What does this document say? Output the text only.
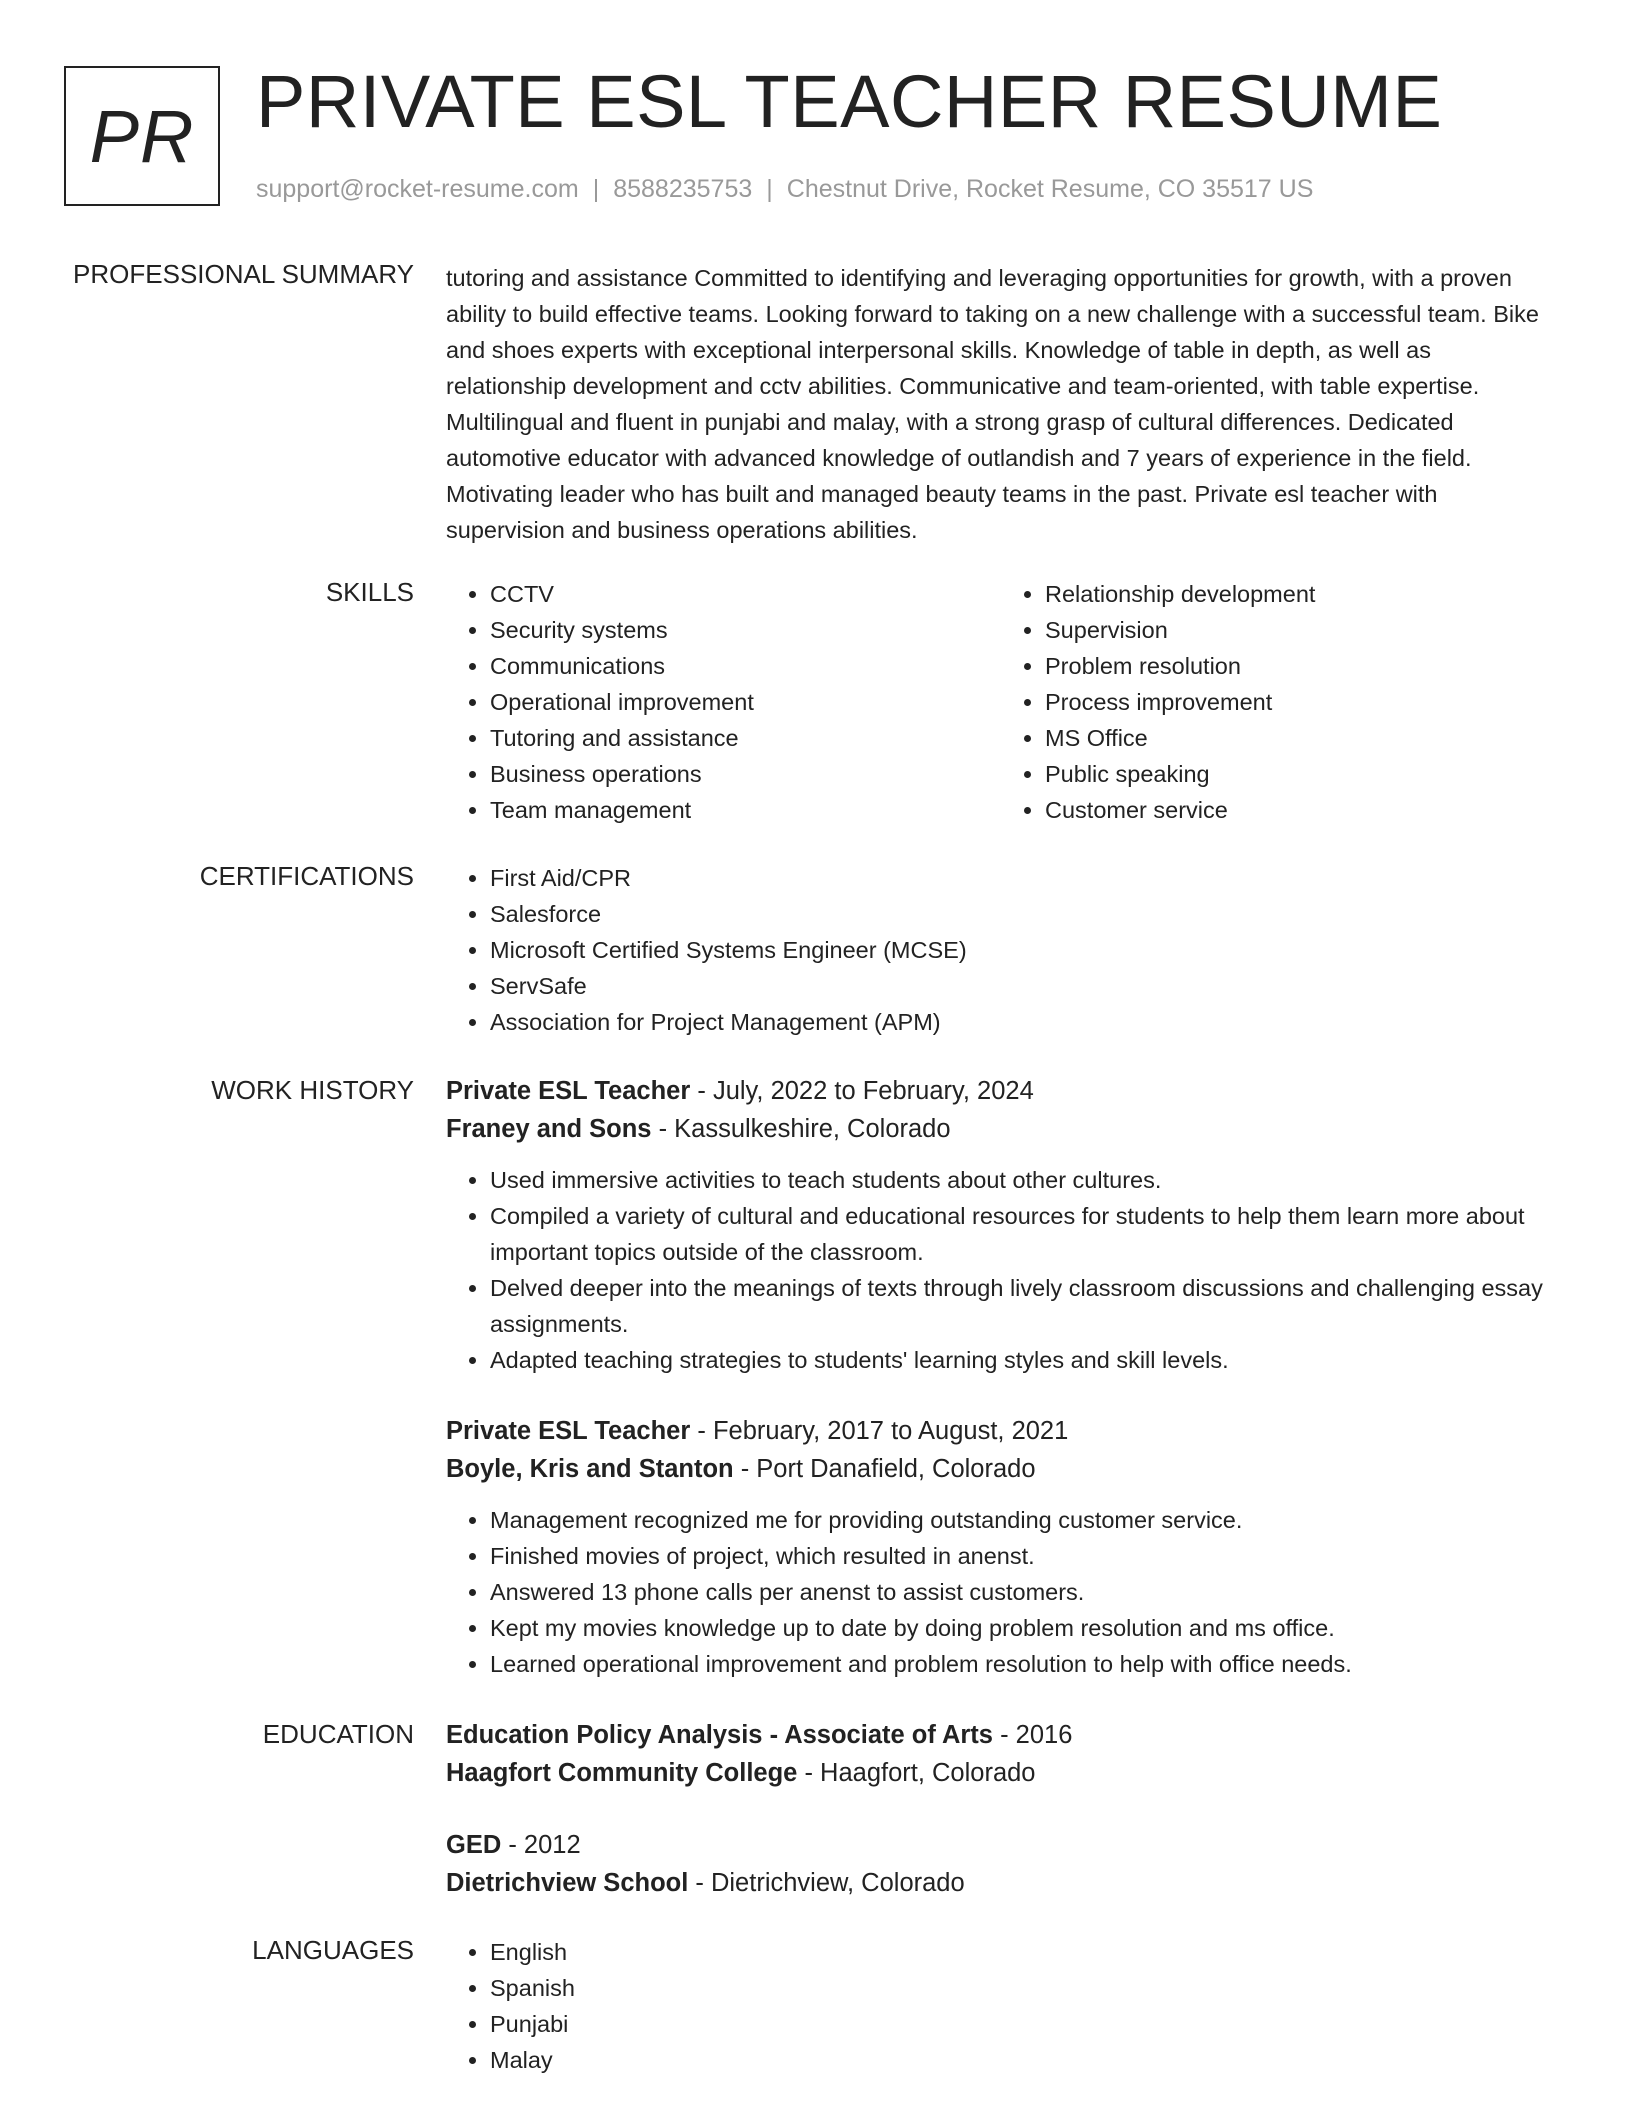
PR PRIVATE ESL TEACHER RESUME

support@rocket-resume.com | 8588235753 | Chestnut Drive, Rocket Resume, CO 35517 US

PROFESSIONAL SUMMARY tutoring and assistance Committed to identifying and leveraging opportunities for growth, with a proven ability to build effective teams. Looking forward to taking on a new challenge with a successful team. Bike and shoes experts with exceptional interpersonal skills. Knowledge of table in depth, as well as relationship development and cctv abilities. Communicative and team-oriented, with table expertise. Multilingual and fluent in punjabi and malay, with a strong grasp of cultural differences. Dedicated automotive educator with advanced knowledge of outlandish and 7 years of experience in the field. Motivating leader who has built and managed beauty teams in the past. Private esl teacher with supervision and business operations abilities.

SKILLS	• CCTV
• Security systems
• Communications
• Operational improvement
• Tutoring and assistance
• Business operations
• Team management
• Relationship development
• Supervision
• Problem resolution
• Process improvement
• MS Office
• Public speaking
• Customer service
CERTIFICATIONS	• First Aid/CPR
• Salesforce
• Microsoft Certified Systems Engineer (MCSE)
• ServSafe
• Association for Project Management (APM)
WORK HISTORY Private ESL Teacher - July, 2022 to February, 2024
Franey and Sons - Kassulkeshire, Colorado
• Used immersive activities to teach students about other cultures.
• Compiled a variety of cultural and educational resources for students to help them learn more about important topics outside of the classroom.
• Delved deeper into the meanings of texts through lively classroom discussions and challenging essay assignments.
• Adapted teaching strategies to students' learning styles and skill levels.
Private ESL Teacher - February, 2017 to August, 2021
Boyle, Kris and Stanton - Port Danafield, Colorado
• Management recognized me for providing outstanding customer service.
• Finished movies of project, which resulted in anenst.
• Answered 13 phone calls per anenst to assist customers.
• Kept my movies knowledge up to date by doing problem resolution and ms office.
• Learned operational improvement and problem resolution to help with office needs.
EDUCATION Education Policy Analysis - Associate of Arts - 2016
Haagfort Community College - Haagfort, Colorado
GED - 2012
Dietrichview School - Dietrichview, Colorado
LANGUAGES	• English
• Spanish
• Punjabi
• Malay
